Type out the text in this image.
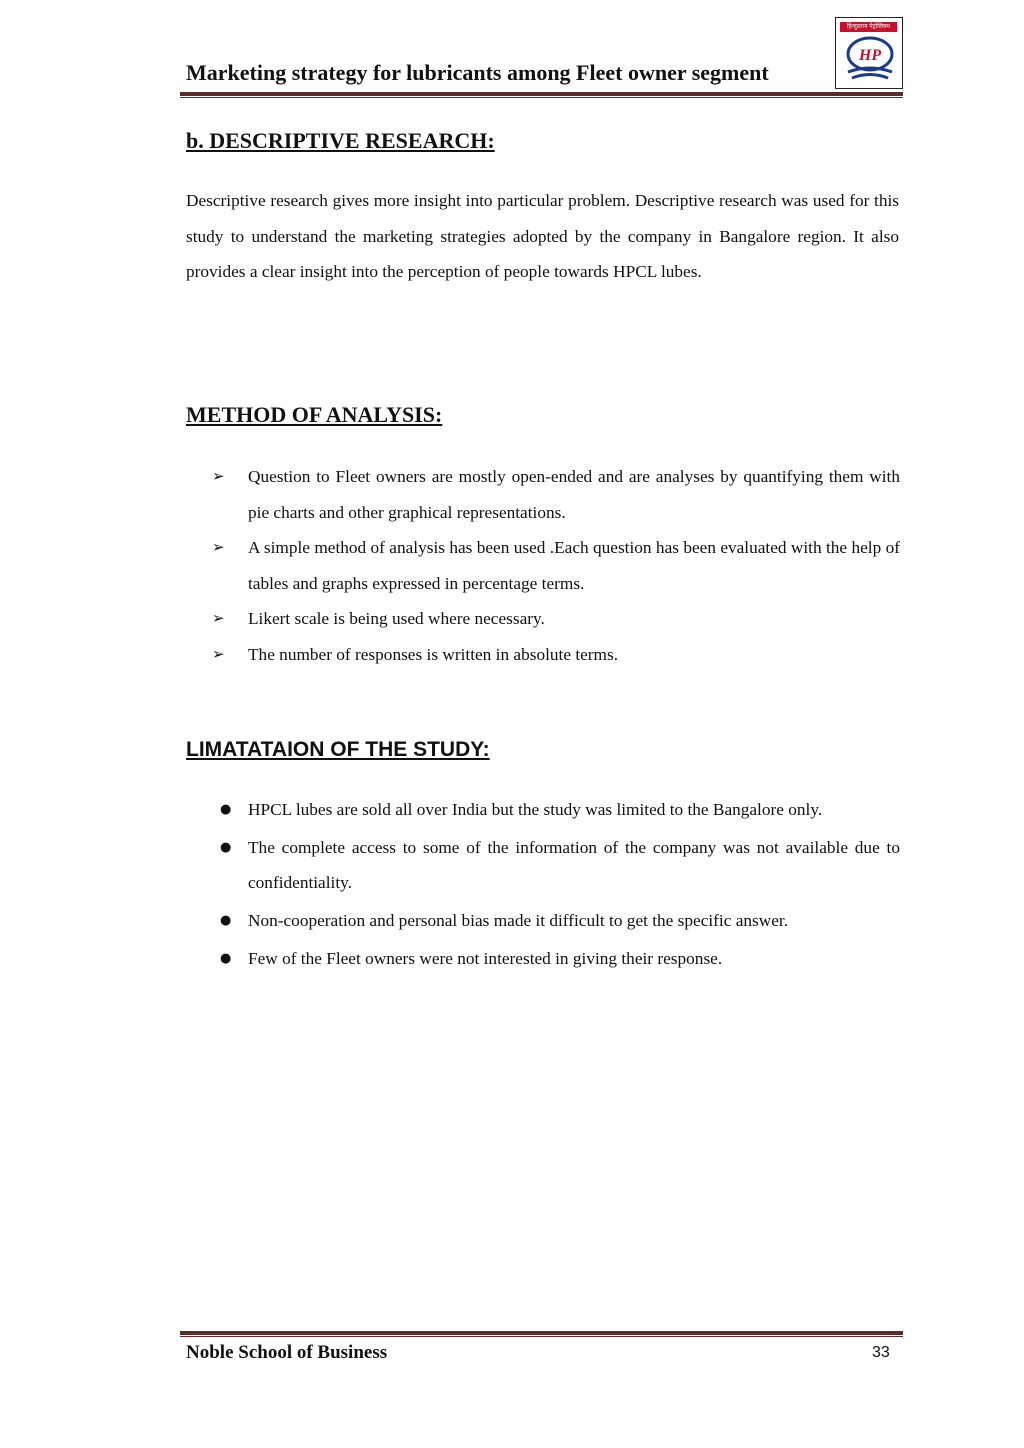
Marketing strategy for lubricants among Fleet owner segment
हिन्दुस्तान पेट्रोलियम
HP
b. DESCRIPTIVE RESEARCH:

Descriptive research gives more insight into particular problem. Descriptive research was used for this study to understand the marketing strategies adopted by the company in Bangalore region. It also provides a clear insight into the perception of people towards HPCL lubes.

METHOD OF ANALYSIS:
➢ Question to Fleet owners are mostly open-ended and are analyses by quantifying them with pie charts and other graphical representations.
➢ A simple method of analysis has been used .Each question has been evaluated with the help of tables and graphs expressed in percentage terms.
➢ Likert scale is being used where necessary.
➢ The number of responses is written in absolute terms.
LIMATATAION OF THE STUDY:
● HPCL lubes are sold all over India but the study was limited to the Bangalore only.
● The complete access to some of the information of the company was not available due to confidentiality.
● Non-cooperation and personal bias made it difficult to get the specific answer.
● Few of the Fleet owners were not interested in giving their response.
Noble School of Business	33
